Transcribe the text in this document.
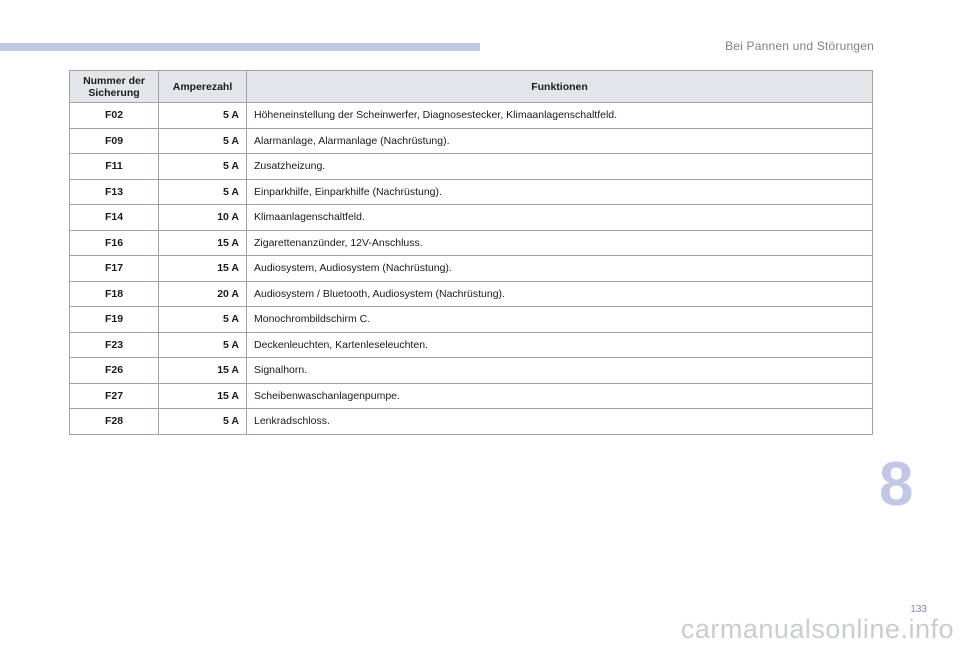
Bei Pannen und Störungen
Nummer der Sicherung	Amperezahl	Funktionen
F02	5 A	Höheneinstellung der Scheinwerfer, Diagnosestecker, Klimaanlagenschaltfeld.
F09	5 A	Alarmanlage, Alarmanlage (Nachrüstung).
F11	5 A	Zusatzheizung.
F13	5 A	Einparkhilfe, Einparkhilfe (Nachrüstung).
F14	10 A	Klimaanlagenschaltfeld.
F16	15 A	Zigarettenanzünder, 12V-Anschluss.
F17	15 A	Audiosystem, Audiosystem (Nachrüstung).
F18	20 A	Audiosystem / Bluetooth, Audiosystem (Nachrüstung).
F19	5 A	Monochrombildschirm C.
F23	5 A	Deckenleuchten, Kartenleseleuchten.
F26	15 A	Signalhorn.
F27	15 A	Scheibenwaschanlagenpumpe.
F28	5 A	Lenkradschloss.
8
133
carmanualsonline.info
